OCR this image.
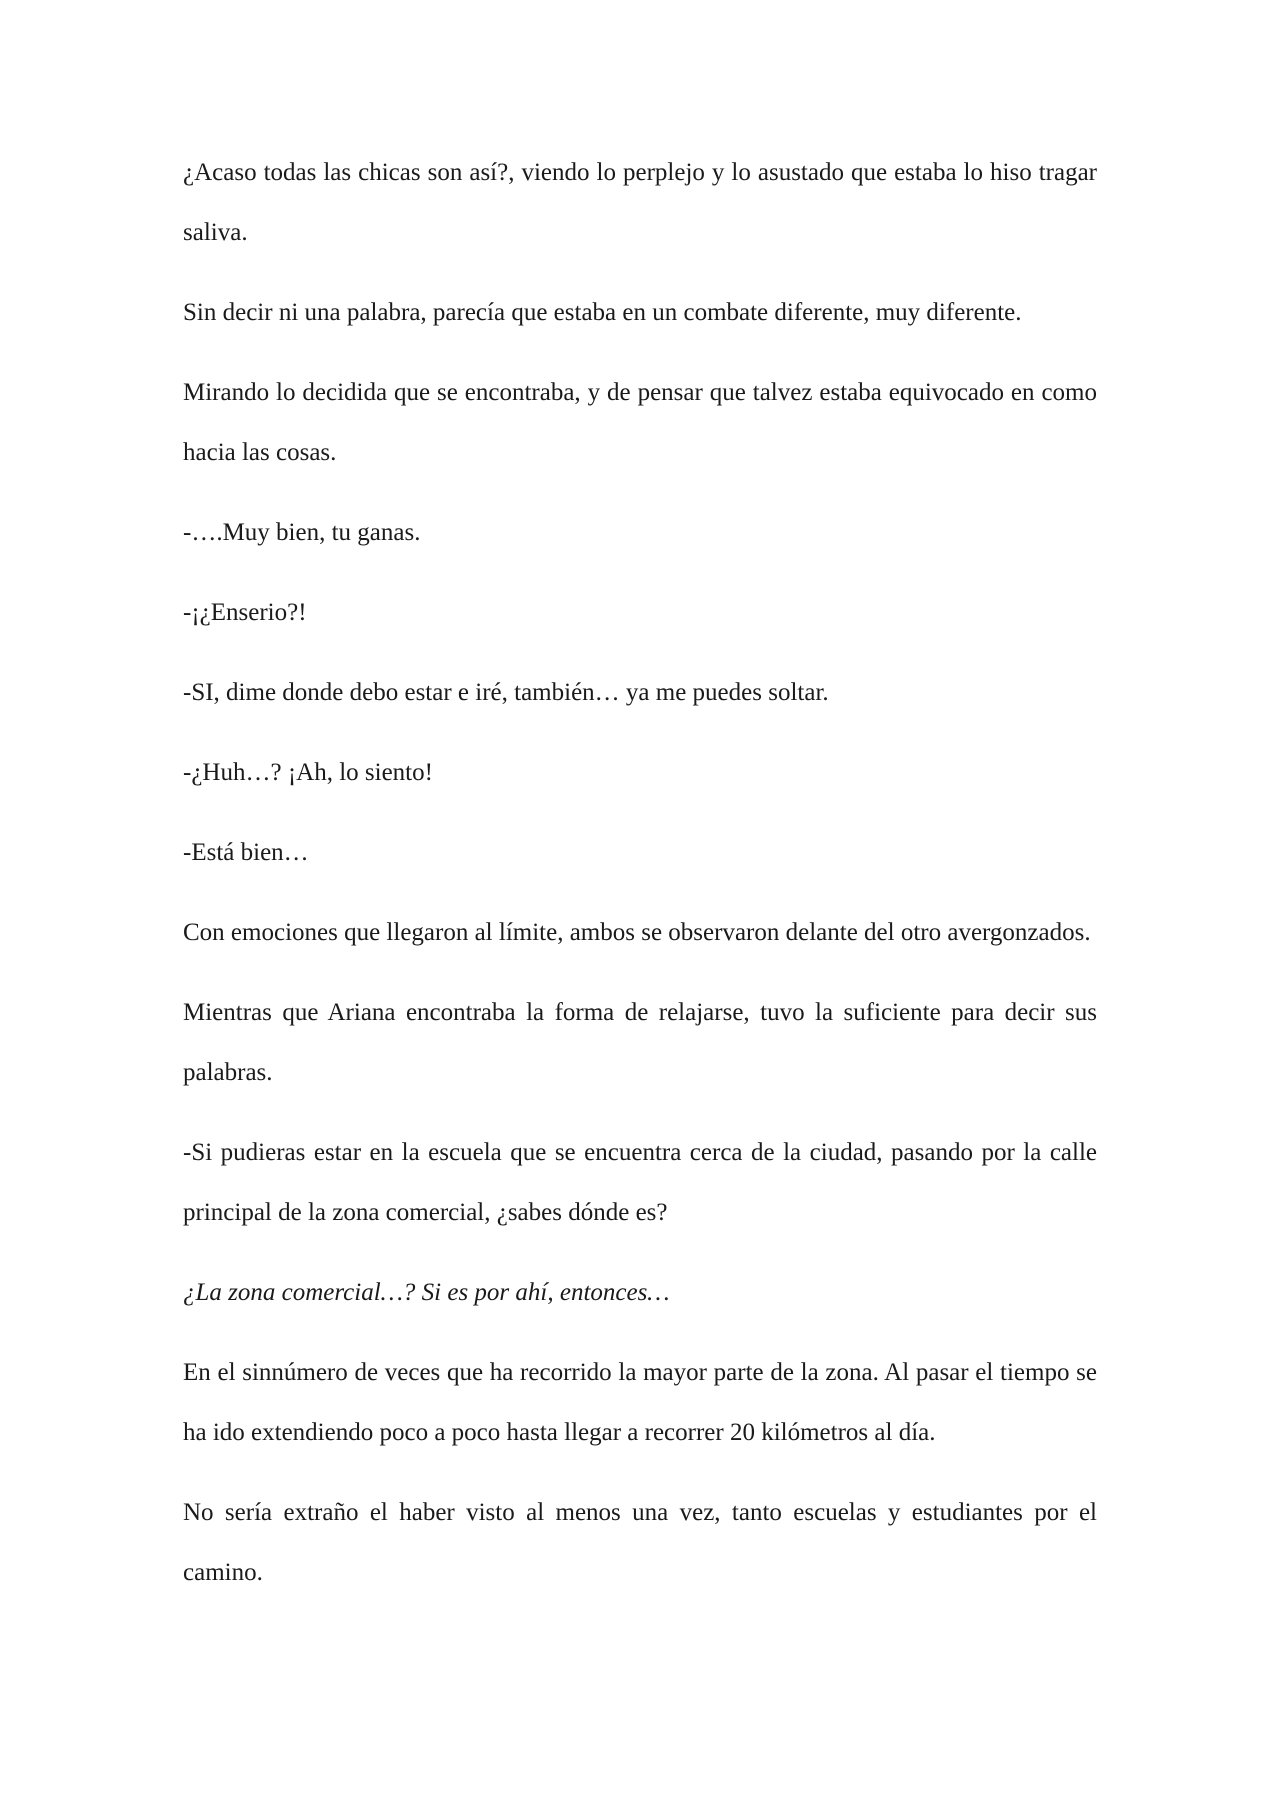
¿Acaso todas las chicas son así?, viendo lo perplejo y lo asustado que estaba lo hiso tragar saliva.

Sin decir ni una palabra, parecía que estaba en un combate diferente, muy diferente.

Mirando lo decidida que se encontraba, y de pensar que talvez estaba equivocado en como hacia las cosas.

-….Muy bien, tu ganas.

-¡¿Enserio?!

-SI, dime donde debo estar e iré, también… ya me puedes soltar.

-¿Huh…? ¡Ah, lo siento!

-Está bien…

Con emociones que llegaron al límite, ambos se observaron delante del otro avergonzados.

Mientras que Ariana encontraba la forma de relajarse, tuvo la suficiente para decir sus palabras.

-Si pudieras estar en la escuela que se encuentra cerca de la ciudad, pasando por la calle principal de la zona comercial, ¿sabes dónde es?

¿La zona comercial…? Si es por ahí, entonces…

En el sinnúmero de veces que ha recorrido la mayor parte de la zona. Al pasar el tiempo se ha ido extendiendo poco a poco hasta llegar a recorrer 20 kilómetros al día.

No sería extraño el haber visto al menos una vez, tanto escuelas y estudiantes por el camino.
